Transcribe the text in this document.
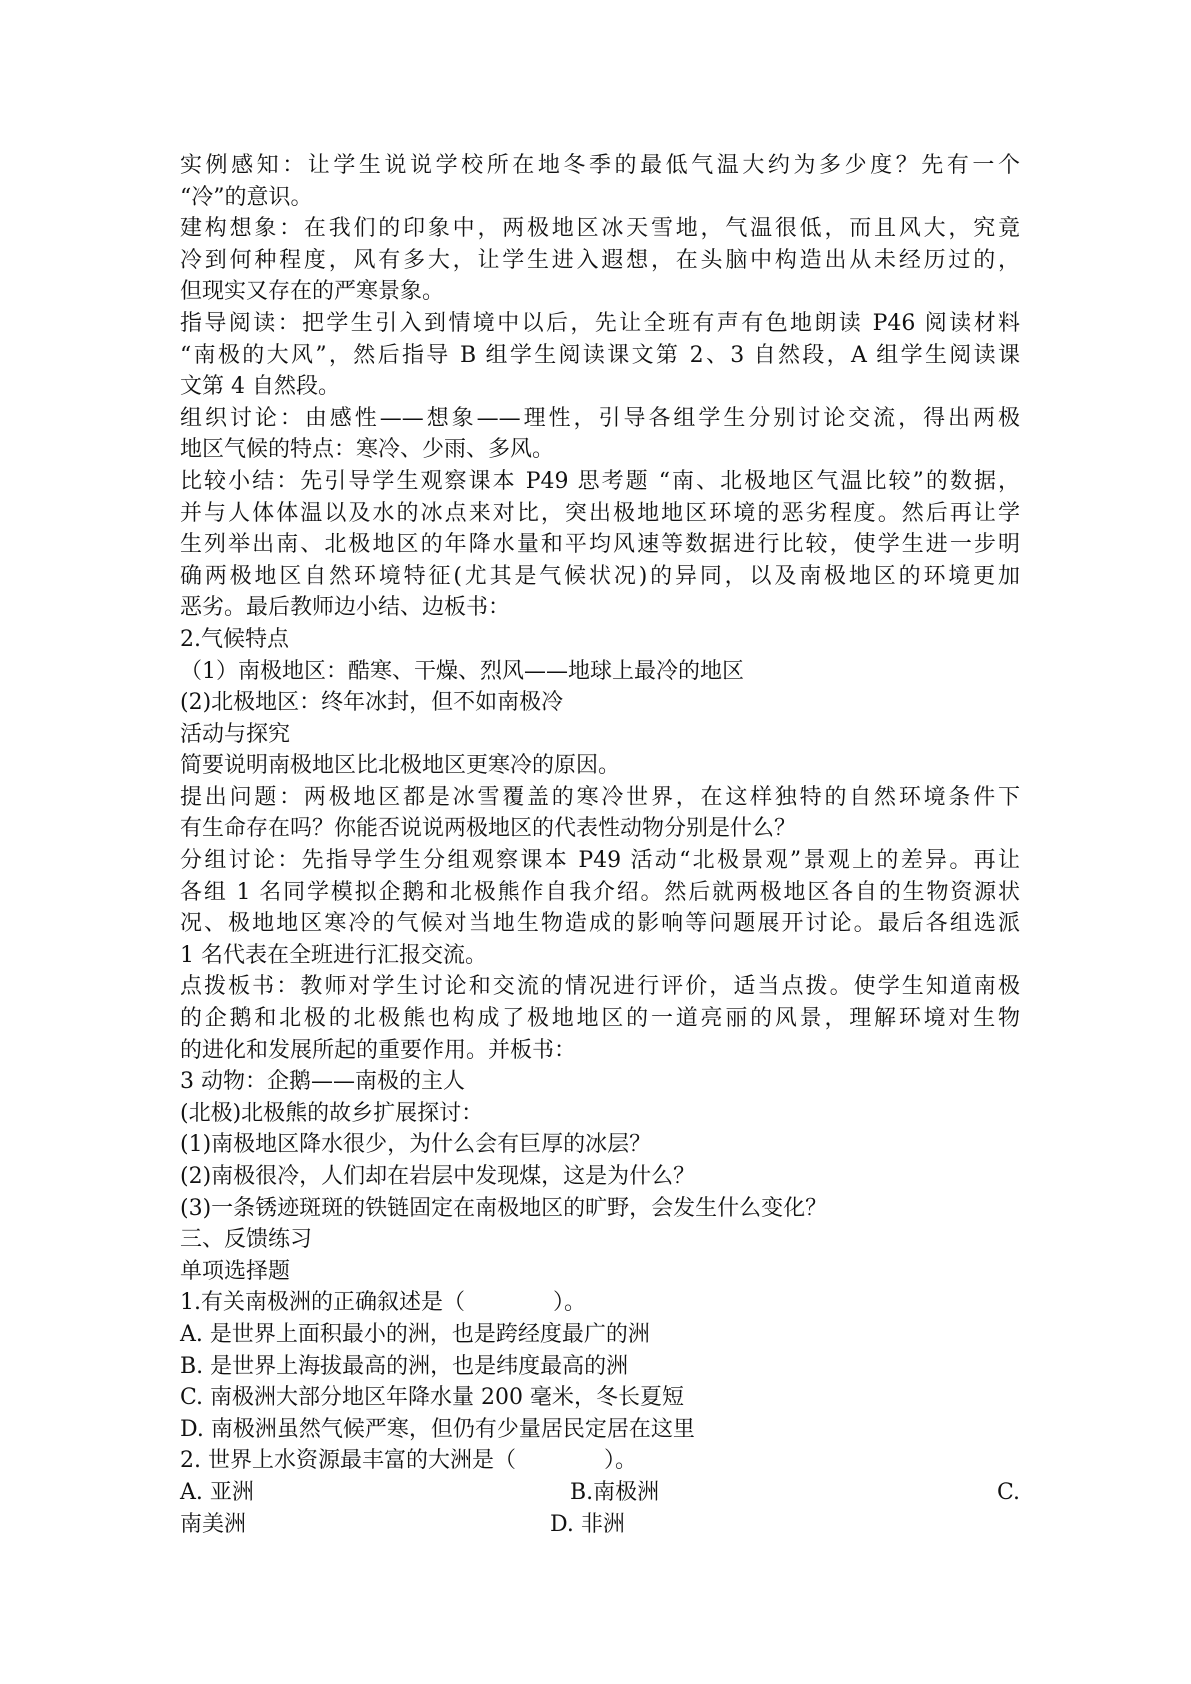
实例感知：让学生说说学校所在地冬季的最低气温大约为多少度？先有一个
“冷”的意识。
建构想象：在我们的印象中，两极地区冰天雪地，气温很低，而且风大，究竟
冷到何种程度，风有多大，让学生进入遐想，在头脑中构造出从未经历过的，
但现实又存在的严寒景象。
指导阅读：把学生引入到情境中以后，先让全班有声有色地朗读 P46 阅读材料
“南极的大风”，然后指导 B 组学生阅读课文第 2、3 自然段，A 组学生阅读课
文第 4 自然段。
组织讨论：由感性——想象——理性，引导各组学生分别讨论交流，得出两极
地区气候的特点：寒冷、少雨、多风。
比较小结：先引导学生观察课本 P49 思考题 “南、北极地区气温比较”的数据，
并与人体体温以及水的冰点来对比，突出极地地区环境的恶劣程度。然后再让学
生列举出南、北极地区的年降水量和平均风速等数据进行比较，使学生进一步明
确两极地区自然环境特征(尤其是气候状况)的异同，以及南极地区的环境更加
恶劣。最后教师边小结、边板书：
2.气候特点
（1）南极地区：酷寒、干燥、烈风——地球上最冷的地区
(2)北极地区：终年冰封，但不如南极冷
活动与探究
简要说明南极地区比北极地区更寒冷的原因。
提出问题：两极地区都是冰雪覆盖的寒冷世界，在这样独特的自然环境条件下
有生命存在吗？你能否说说两极地区的代表性动物分别是什么？
分组讨论：先指导学生分组观察课本 P49 活动“北极景观”景观上的差异。再让
各组 1 名同学模拟企鹅和北极熊作自我介绍。然后就两极地区各自的生物资源状
况、极地地区寒冷的气候对当地生物造成的影响等问题展开讨论。最后各组选派
1 名代表在全班进行汇报交流。
点拨板书：教师对学生讨论和交流的情况进行评价，适当点拨。使学生知道南极
的企鹅和北极的北极熊也构成了极地地区的一道亮丽的风景，理解环境对生物
的进化和发展所起的重要作用。并板书：
3 动物：企鹅——南极的主人
(北极)北极熊的故乡扩展探讨：
(1)南极地区降水很少，为什么会有巨厚的冰层？
(2)南极很冷，人们却在岩层中发现煤，这是为什么？
(3)一条锈迹斑斑的铁链固定在南极地区的旷野，会发生什么变化？
三、反馈练习
单项选择题
1.有关南极洲的正确叙述是（　　　　）。
A. 是世界上面积最小的洲，也是跨经度最广的洲
B. 是世界上海拔最高的洲，也是纬度最高的洲
C. 南极洲大部分地区年降水量 200 毫米，冬长夏短
D. 南极洲虽然气候严寒，但仍有少量居民定居在这里
2. 世界上水资源最丰富的大洲是（　　　　）。
A. 亚洲	B.南极洲	C.
南美洲	D. 非洲
